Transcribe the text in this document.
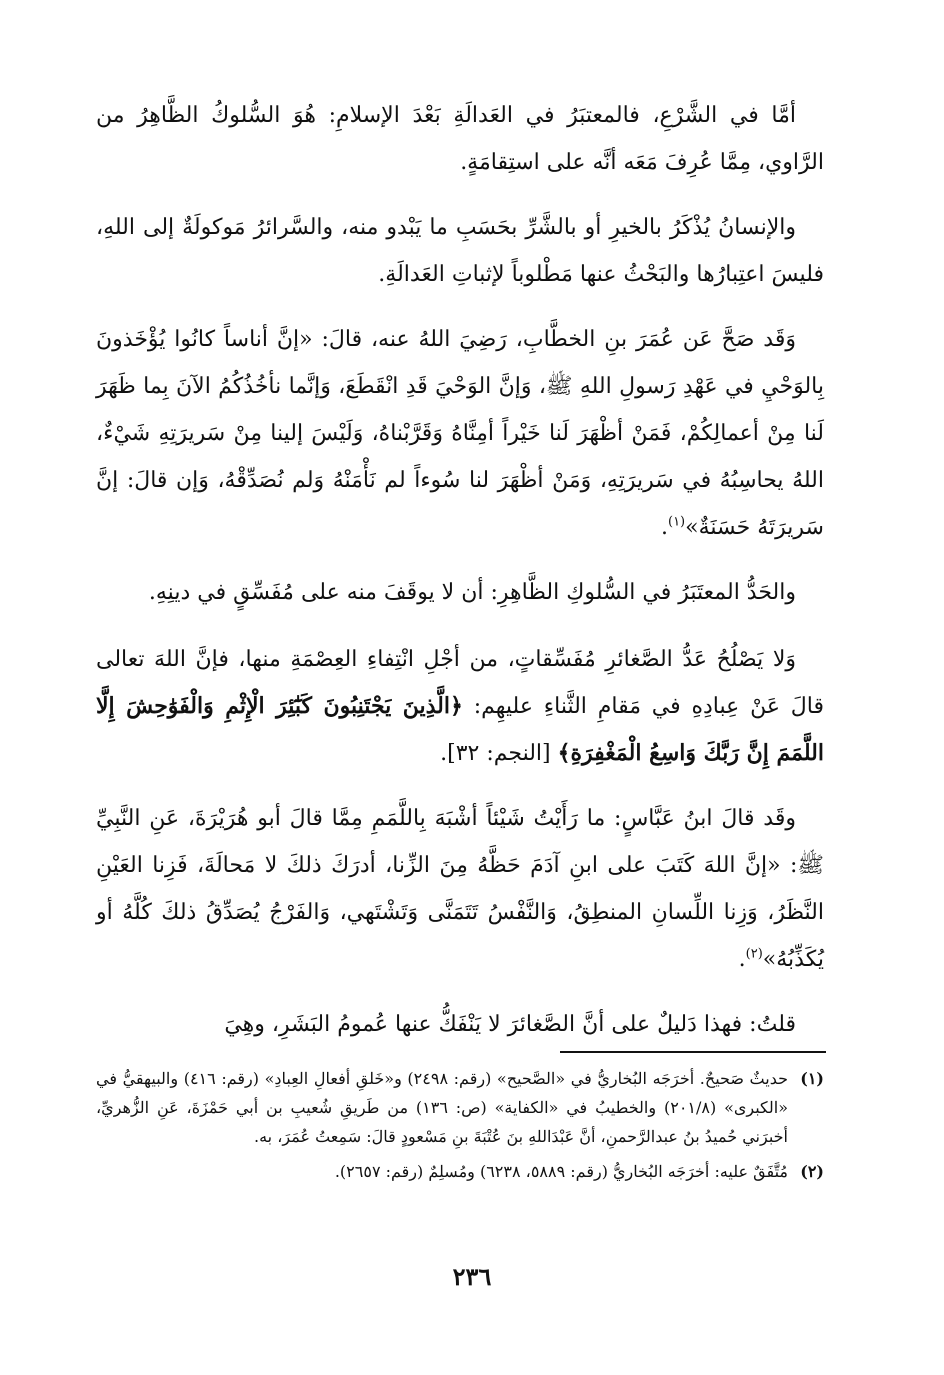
أمَّا في الشَّرْعِ، فالمعتبَرُ في العَدالَةِ بَعْدَ الإسلامِ: هُوَ السُّلوكُ الظَّاهِرُ من الرَّاوي، مِمَّا عُرِفَ مَعَه أنَّه على استِقامَةٍ.

والإنسانُ يُذْكَرُ بالخيرِ أو بالشَّرِّ بحَسَبِ ما يَبْدو منه، والسَّرائرُ مَوكولَةٌ إلى اللهِ، فليسَ اعتِبارُها والبَحْثُ عنها مَطْلوباً لإثباتِ العَدالَةِ.

وَقَد صَحَّ عَن عُمَرَ بنِ الخطَّابِ، رَضِيَ اللهُ عنه، قالَ: «إنَّ أناساً كانُوا يُؤْخَذونَ بِالوَحْيِ في عَهْدِ رَسولِ اللهِ ﷺ، وَإنَّ الوَحْيَ قَدِ انْقَطَعَ، وَإنَّما نأخُذُكُمُ الآنَ بِما ظَهَرَ لَنا مِنْ أعمالِكُمْ، فَمَنْ أظْهَرَ لَنا خَيْراً أمِنَّاهُ وَقَرَّبْناهُ، وَلَيْسَ إلينا مِنْ سَريرَتِهِ شَيْءٌ، اللهُ يحاسِبُهُ في سَريرَتِهِ، وَمَنْ أظْهَرَ لنا سُوءاً لم نَأْمَنْهُ وَلم نُصَدِّقْهُ، وَإن قالَ: إنَّ سَريرَتَهُ حَسَنَةٌ»$^{(١)}$.

والحَدُّ المعتَبَرُ في السُّلوكِ الظَّاهِرِ: أن لا يوقَفَ منه على مُفَسِّقٍ في دينِهِ.

وَلا يَصْلُحُ عَدُّ الصَّغائرِ مُفَسِّقاتٍ، من أجْلِ انْتِفاءِ العِصْمَةِ منها، فإنَّ اللهَ تعالى قالَ عَنْ عِبادِهِ في مَقامِ الثَّناءِ عليهِم: ﴿الَّذِينَ يَجْتَنِبُونَ كَبَٰٓئِرَ الْإِثْمِ وَالْفَوَٰحِشَ إِلَّا اللَّمَمَ إِنَّ رَبَّكَ وَاسِعُ الْمَغْفِرَةِ﴾ [النجم: ٣٢].

وقَد قالَ ابنُ عَبَّاسٍ: ما رَأَيْتُ شَيْئاً أشْبَهَ بِاللَّمَمِ مِمَّا قالَ أبو هُرَيْرَةَ، عَنِ النَّبِيِّ ﷺ: «إنَّ اللهَ كَتَبَ على ابنِ آدَمَ حَظَّهُ مِنَ الزِّنا، أدرَكَ ذلكَ لا مَحالَةَ، فَزِنا العَيْنِ النَّظَرُ، وَزِنا اللِّسانِ المنطِقُ، وَالنَّفْسُ تَتَمَنَّى وَتَشْتَهي، وَالفَرْجُ يُصَدِّقُ ذلكَ كُلَّهُ أو يُكَذِّبُهُ»$^{(٢)}$.

قلتُ: فهذا دَليلٌ على أنَّ الصَّغائرَ لا يَنْفَكُّ عنها عُمومُ البَشَرِ، وهِيَ

(١)
حديثٌ صَحيحٌ. أخرَجَه البُخاريُّ في «الصَّحيح» (رقم: ٢٤٩٨) و«خَلقِ أفعالِ العِبادِ» (رقم: ٤١٦) والبيهقيُّ في «الكبرى» (٢٠١/٨) والخطيبُ في «الكفاية» (ص: ١٣٦) من طَريقِ شُعيبِ بن أبي حَمْزَةَ، عَنِ الزُّهريِّ، أخبرَني حُميدُ بنُ عبدالرَّحمنِ، أنَّ عَبْدَاللهِ بنَ عُتْبَةَ بنِ مَسْعودٍ قالَ: سَمِعتُ عُمَرَ، به.
(٢)
مُتَّفَقٌ عليه: أخرَجَه البُخاريُّ (رقم: ٥٨٨٩، ٦٢٣٨) ومُسلِمٌ (رقم: ٢٦٥٧).
٢٣٦
